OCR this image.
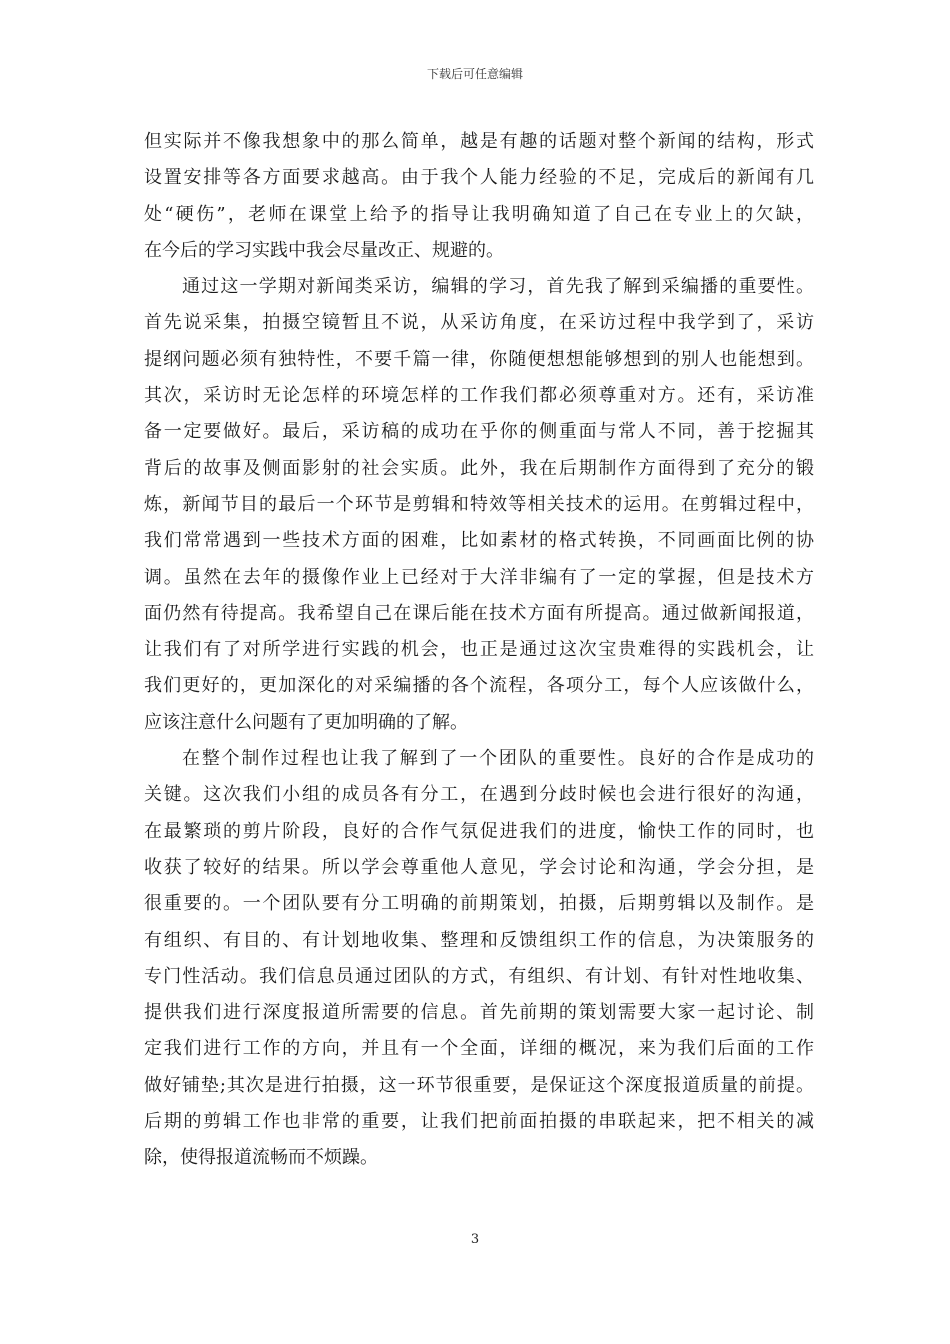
下载后可任意编辑
但实际并不像我想象中的那么简单，越是有趣的话题对整个新闻的结构，形式
设置安排等各方面要求越高。由于我个人能力经验的不足，完成后的新闻有几
处“硬伤”，老师在课堂上给予的指导让我明确知道了自己在专业上的欠缺，
在今后的学习实践中我会尽量改正、规避的。
通过这一学期对新闻类采访，编辑的学习，首先我了解到采编播的重要性。
首先说采集，拍摄空镜暂且不说，从采访角度，在采访过程中我学到了，采访
提纲问题必须有独特性，不要千篇一律，你随便想想能够想到的别人也能想到。
其次，采访时无论怎样的环境怎样的工作我们都必须尊重对方。还有，采访准
备一定要做好。最后，采访稿的成功在乎你的侧重面与常人不同，善于挖掘其
背后的故事及侧面影射的社会实质。此外，我在后期制作方面得到了充分的锻
炼，新闻节目的最后一个环节是剪辑和特效等相关技术的运用。在剪辑过程中，
我们常常遇到一些技术方面的困难，比如素材的格式转换，不同画面比例的协
调。虽然在去年的摄像作业上已经对于大洋非编有了一定的掌握，但是技术方
面仍然有待提高。我希望自己在课后能在技术方面有所提高。通过做新闻报道，
让我们有了对所学进行实践的机会，也正是通过这次宝贵难得的实践机会，让
我们更好的，更加深化的对采编播的各个流程，各项分工，每个人应该做什么，
应该注意什么问题有了更加明确的了解。
在整个制作过程也让我了解到了一个团队的重要性。良好的合作是成功的
关键。这次我们小组的成员各有分工，在遇到分歧时候也会进行很好的沟通，
在最繁琐的剪片阶段，良好的合作气氛促进我们的进度，愉快工作的同时，也
收获了较好的结果。所以学会尊重他人意见，学会讨论和沟通，学会分担，是
很重要的。一个团队要有分工明确的前期策划，拍摄，后期剪辑以及制作。是
有组织、有目的、有计划地收集、整理和反馈组织工作的信息，为决策服务的
专门性活动。我们信息员通过团队的方式，有组织、有计划、有针对性地收集、
提供我们进行深度报道所需要的信息。首先前期的策划需要大家一起讨论、制
定我们进行工作的方向，并且有一个全面，详细的概况，来为我们后面的工作
做好铺垫;其次是进行拍摄，这一环节很重要，是保证这个深度报道质量的前提。
后期的剪辑工作也非常的重要，让我们把前面拍摄的串联起来，把不相关的减
除，使得报道流畅而不烦躁。
3
